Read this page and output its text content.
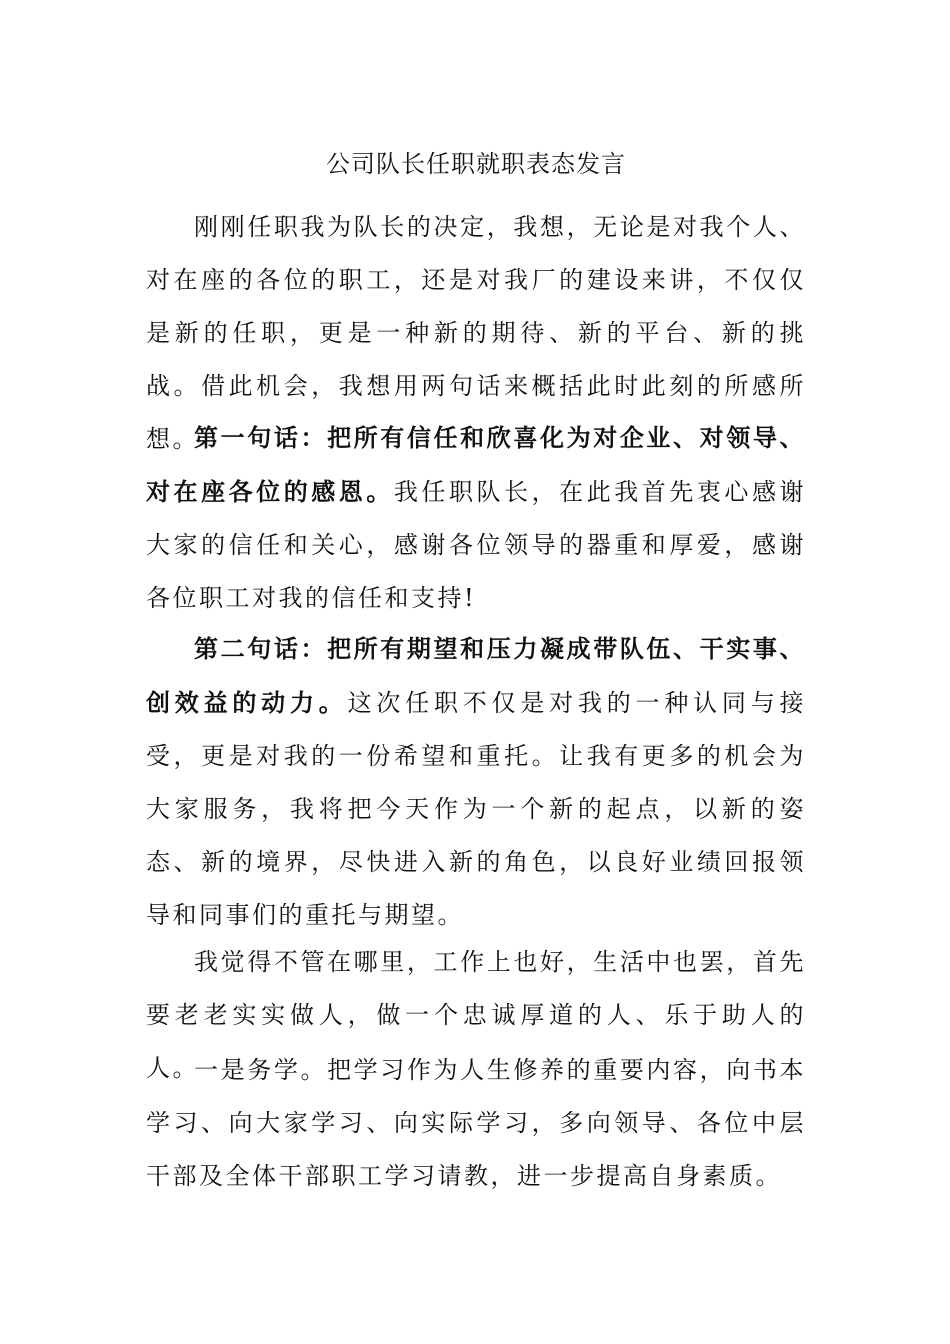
公司队长任职就职表态发言

刚刚任职我为队长的决定，我想，无论是对我个人、对在座的各位的职工，还是对我厂的建设来讲，不仅仅是新的任职，更是一种新的期待、新的平台、新的挑战。借此机会，我想用两句话来概括此时此刻的所感所想。

第一句话：把所有信任和欣喜化为对企业、对领导、对在座各位的感恩。我任职队长，在此我首先衷心感谢大家的信任和关心，感谢各位领导的器重和厚爱，感谢各位职工对我的信任和支持!

第二句话：把所有期望和压力凝成带队伍、干实事、创效益的动力。这次任职不仅是对我的一种认同与接受，更是对我的一份希望和重托。让我有更多的机会为大家服务，我将把今天作为一个新的起点，以新的姿态、新的境界，尽快进入新的角色，以良好业绩回报领导和同事们的重托与期望。

我觉得不管在哪里，工作上也好，生活中也罢，首先要老老实实做人，做一个忠诚厚道的人、乐于助人的人。

一是务学。把学习作为人生修养的重要内容，向书本学习、向大家学习、向实际学习，多向领导、各位中层干部及全体干部职工学习请教，进一步提高自身素质。
